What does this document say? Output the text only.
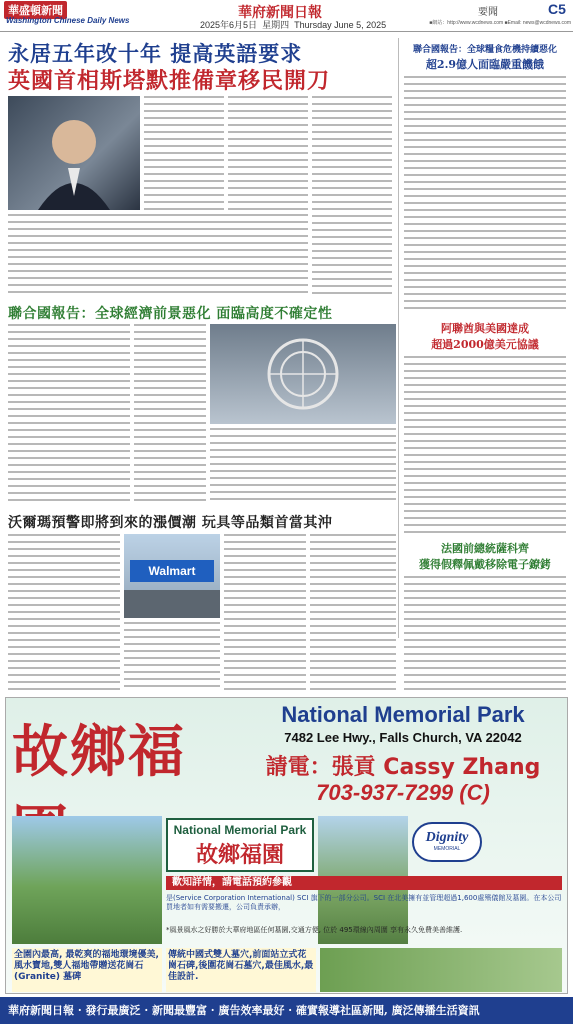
華盛頓新聞
Washington Chinese Daily News	華府新聞日報
2025年6月5日 星期四 Thursday June 5, 2025
要聞	C5
■網站：http://www.wcdnews.com ■Email: news@wcdnews.com
永居五年改十年 提高英語要求
英國首相斯塔默推備章移民開刀
聯合國報告：全球糧食危機持續惡化
超2.9億人面臨嚴重饑餓
阿聯酋與美國達成
超過2000億美元協議
法國前總統薩科齊
獲得假釋佩戴移除電子鐐銬
聯合國報告：全球經濟前景惡化 面臨高度不確定性
沃爾瑪預警即將到來的漲價潮 玩具等品類首當其沖
Walmart
故鄉福
National Memorial Park
7482 Lee Hwy., Falls Church, VA 22042
請電：張貢 Cassy Zhang
703-937-7299 (C)
National Memorial Park
故鄉福園
Dignity
MEMORIAL
歡知詳情，請電話預約參觀
是(Service Corporation International) SCI 旗下的一部分公司。SCI 在北美擁有並管理超過1,600處殯儀館及墓園。在本公司買地者如有需要搬遷，公司負責承辦，
*風景風水之好勝於大華府地區任何墓園,交通方便, 位於 495環線內周圍 享有永久免費美善維護.
全園內最高, 最乾爽的福地環境優美, 風水寶地,雙人福地帶贈送花崗石(Granite) 墓碑
傳統中國式雙人墓穴,前面站立式花崗石碑,後圍花崗石墓穴,最佳風水,最佳設計.
華府新聞日報 · 發行最廣泛 · 新聞最豐富 · 廣告效率最好 · 確實報導社區新聞, 廣泛傳播生活資訊
